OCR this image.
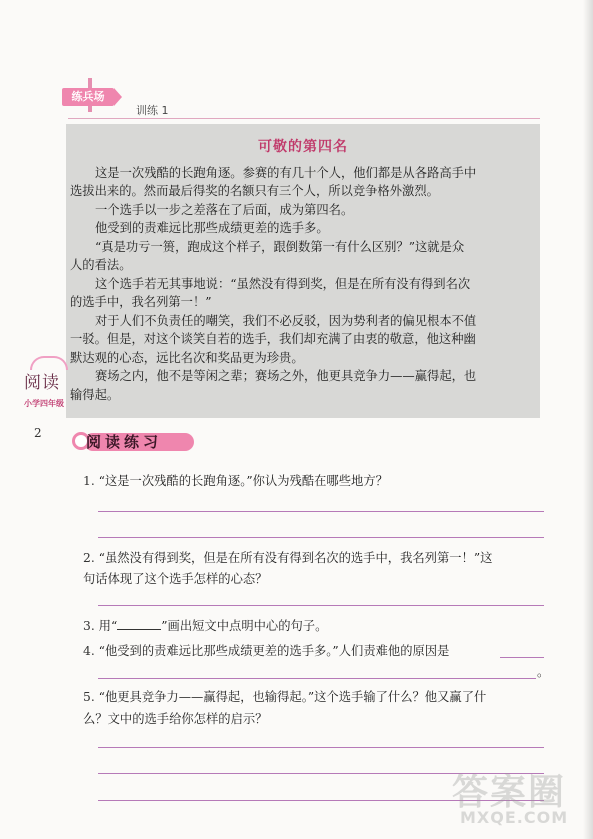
练兵场
训练 1
可敬的第四名
这是一次残酷的长跑角逐。参赛的有几十个人，他们都是从各路高手中
选拔出来的。然而最后得奖的名额只有三个人，所以竞争格外激烈。
一个选手以一步之差落在了后面，成为第四名。
他受到的责难远比那些成绩更差的选手多。
“真是功亏一篑，跑成这个样子，跟倒数第一有什么区别？”这就是众
人的看法。
这个选手若无其事地说：“虽然没有得到奖，但是在所有没有得到名次
的选手中，我名列第一！”
对于人们不负责任的嘲笑，我们不必反驳，因为势利者的偏见根本不值
一驳。但是，对这个谈笑自若的选手，我们却充满了由衷的敬意，他这种幽
默达观的心态，远比名次和奖品更为珍贵。
赛场之内，他不是等闲之辈；赛场之外，他更具竞争力——赢得起，也
输得起。
阅读
小学四年级
2	阅读练习
1. “这是一次残酷的长跑角逐。”你认为残酷在哪些地方？
2. “虽然没有得到奖，但是在所有没有得到名次的选手中，我名列第一！”这
句话体现了这个选手怎样的心态？
3. 用“	”画出短文中点明中心的句子。
4. “他受到的责难远比那些成绩更差的选手多。”人们责难他的原因是
。
5. “他更具竞争力——赢得起，也输得起。”这个选手输了什么？他又赢了什
么？文中的选手给你怎样的启示？
答案圈
MXQE.COM
